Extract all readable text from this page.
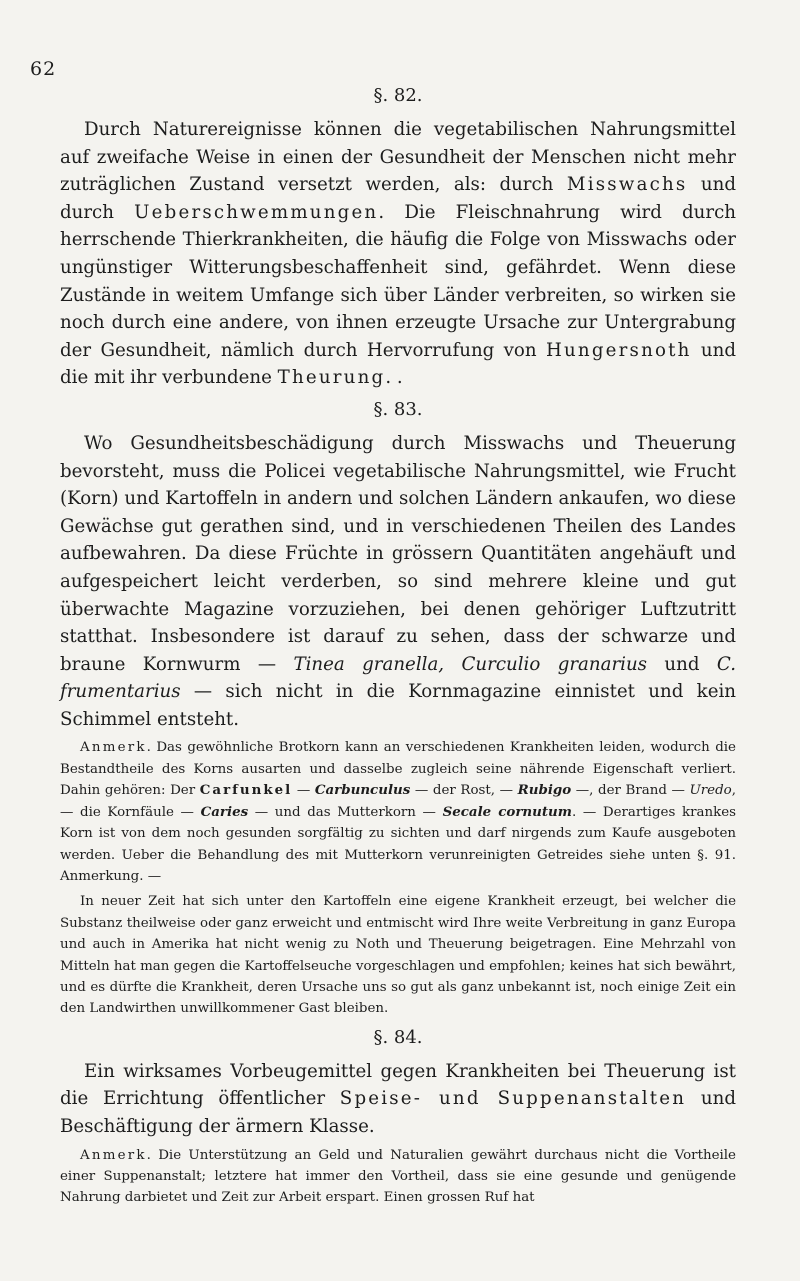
62
§. 82.

Durch Naturereignisse können die vegetabilischen Nahrungsmittel auf zweifache Weise in einen der Gesundheit der Menschen nicht mehr zuträglichen Zustand versetzt werden, als: durch Misswachs und durch Ueberschwemmungen. Die Fleischnahrung wird durch herrschende Thierkrankheiten, die häufig die Folge von Misswachs oder ungünstiger Witterungsbeschaffenheit sind, gefährdet. Wenn diese Zustände in weitem Umfange sich über Länder verbreiten, so wirken sie noch durch eine andere, von ihnen erzeugte Ursache zur Untergrabung der Gesundheit, nämlich durch Hervorrufung von Hungersnoth und die mit ihr verbundene Theurung. .

§. 83.

Wo Gesundheitsbeschädigung durch Misswachs und Theuerung bevorsteht, muss die Policei vegetabilische Nahrungsmittel, wie Frucht (Korn) und Kartoffeln in andern und solchen Ländern ankaufen, wo diese Gewächse gut gerathen sind, und in verschiedenen Theilen des Landes aufbewahren. Da diese Früchte in grössern Quantitäten angehäuft und aufgespeichert leicht verderben, so sind mehrere kleine und gut überwachte Magazine vorzuziehen, bei denen gehöriger Luftzutritt statthat. Insbesondere ist darauf zu sehen, dass der schwarze und braune Kornwurm — Tinea granella, Curculio granarius und C. frumentarius — sich nicht in die Kornmagazine einnistet und kein Schimmel entsteht.

Anmerk. Das gewöhnliche Brotkorn kann an verschiedenen Krankheiten leiden, wodurch die Bestandtheile des Korns ausarten und dasselbe zugleich seine nährende Eigenschaft verliert. Dahin gehören: Der Carfunkel — Carbunculus — der Rost, — Rubigo —, der Brand — Uredo, — die Kornfäule — Caries — und das Mutterkorn — Secale cornutum. — Derartiges krankes Korn ist von dem noch gesunden sorgfältig zu sichten und darf nirgends zum Kaufe ausgeboten werden. Ueber die Behandlung des mit Mutterkorn verunreinigten Getreides siehe unten §. 91. Anmerkung. —

In neuer Zeit hat sich unter den Kartoffeln eine eigene Krankheit erzeugt, bei welcher die Substanz theilweise oder ganz erweicht und entmischt wird Ihre weite Verbreitung in ganz Europa und auch in Amerika hat nicht wenig zu Noth und Theuerung beigetragen. Eine Mehrzahl von Mitteln hat man gegen die Kartoffelseuche vorgeschlagen und empfohlen; keines hat sich bewährt, und es dürfte die Krankheit, deren Ursache uns so gut als ganz unbekannt ist, noch einige Zeit ein den Landwirthen unwillkommener Gast bleiben.

§. 84.

Ein wirksames Vorbeugemittel gegen Krankheiten bei Theuerung ist die Errichtung öffentlicher Speise- und Suppenanstalten und Beschäftigung der ärmern Klasse.

Anmerk. Die Unterstützung an Geld und Naturalien gewährt durchaus nicht die Vortheile einer Suppenanstalt; letztere hat immer den Vortheil, dass sie eine gesunde und genügende Nahrung darbietet und Zeit zur Arbeit erspart. Einen grossen Ruf hat
